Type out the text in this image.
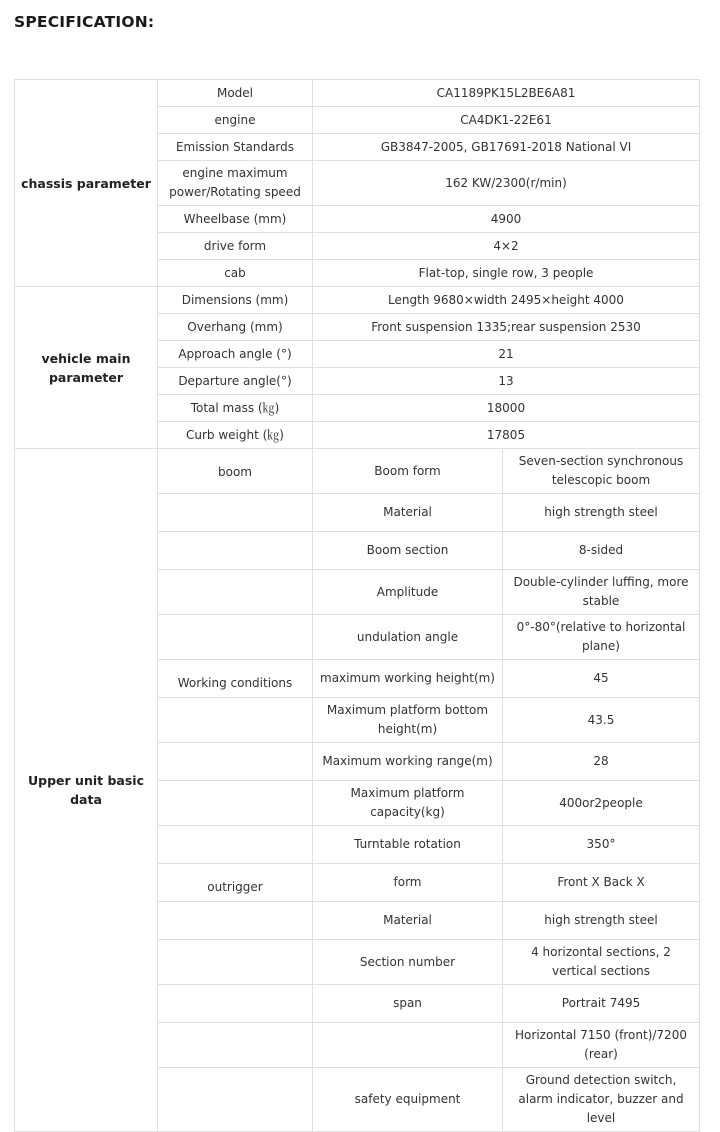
SPECIFICATION:
chassis parameter	Model	CA1189PK15L2BE6A81	
	engine	CA4DK1-22E61	
	Emission Standards	GB3847-2005, GB17691-2018 National VI	
	engine maximum power/Rotating speed	162 KW/2300(r/min)	
	Wheelbase (mm)	4900	
	drive form	4×2	
	cab	Flat-top, single row, 3 people	
vehicle main parameter	Dimensions (mm)	Length 9680×width 2495×height 4000	
	Overhang (mm)	Front suspension 1335;rear suspension 2530	
	Approach angle (°)	21	
	Departure angle(°)	13	
	Total mass (㎏)	18000	
	Curb weight (㎏)	17805	
Upper unit basic data	boom	Boom form	Seven-section synchronous telescopic boom
		Material	high strength steel
		Boom section	8-sided
		Amplitude	Double-cylinder luffing, more stable
		undulation angle	0°-80°(relative to horizontal plane)
	Working conditions	maximum working height(m)	45
		Maximum platform bottom height(m)	43.5
		Maximum working range(m)	28
		Maximum platform capacity(kg)	400or2people
		Turntable rotation	350°
	outrigger	form	Front X Back X
		Material	high strength steel
		Section number	4 horizontal sections, 2 vertical sections
		span	Portrait 7495
			Horizontal 7150 (front)/7200 (rear)
		safety equipment	Ground detection switch, alarm indicator, buzzer and level
